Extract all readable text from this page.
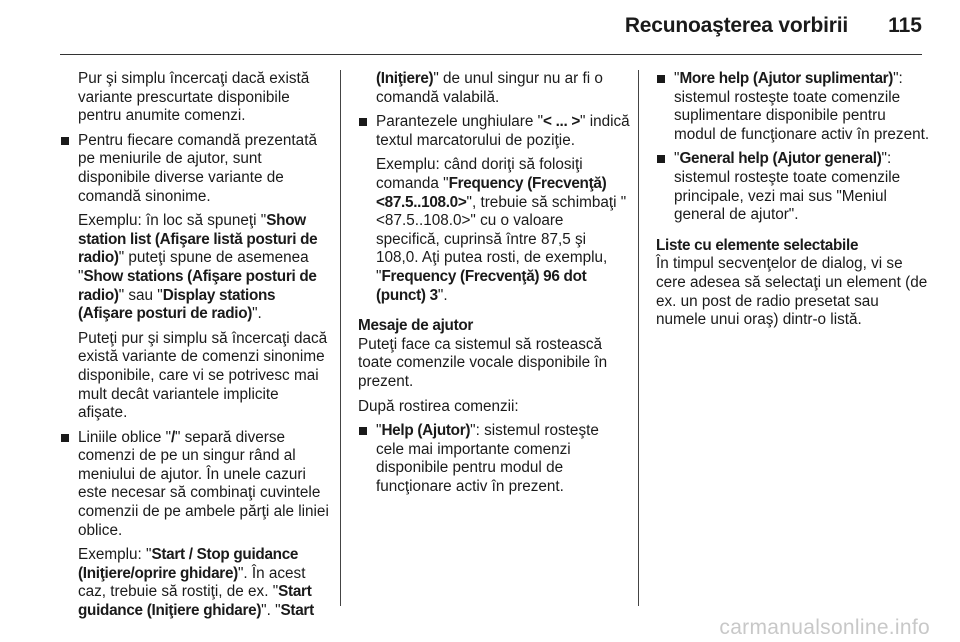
Recunoaşterea vorbirii 115

Pur şi simplu încercaţi dacă există variante prescurtate disponibile pentru anumite comenzi.

Pentru fiecare comandă prezentată pe meniurile de ajutor, sunt disponibile diverse variante de comandă sinonime.

Exemplu: în loc să spuneţi "Show station list (Afişare listă posturi de radio)" puteţi spune de asemenea "Show stations (Afişare posturi de radio)" sau "Display stations (Afişare posturi de radio)".

Puteţi pur şi simplu să încercaţi dacă există variante de comenzi sinonime disponibile, care vi se potrivesc mai mult decât variantele implicite afişate.

Liniile oblice "/" separă diverse comenzi de pe un singur rând al meniului de ajutor. În unele cazuri este necesar să combinaţi cuvintele comenzii de pe ambele părţi ale liniei oblice.

Exemplu: "Start / Stop guidance (Iniţiere/oprire ghidare)". În acest caz, trebuie să rostiţi, de ex. "Start guidance (Iniţiere ghidare)". "Start

(Iniţiere)" de unul singur nu ar fi o comandă valabilă.

Parantezele unghiulare "< ... >" indică textul marcatorului de poziţie.

Exemplu: când doriţi să folosiţi comanda "Frequency (Frecvenţă) <87.5..108.0>", trebuie să schimbaţi "<87.5..108.0>" cu o valoare specifică, cuprinsă între 87,5 şi 108,0. Aţi putea rosti, de exemplu, "Frequency (Frecvenţă) 96 dot (punct) 3".

Mesaje de ajutor

Puteţi face ca sistemul să rostească toate comenzile vocale disponibile în prezent.

După rostirea comenzii:

"Help (Ajutor)": sistemul rosteşte cele mai importante comenzi disponibile pentru modul de funcţionare activ în prezent.

"More help (Ajutor suplimentar)": sistemul rosteşte toate comenzile suplimentare disponibile pentru modul de funcţionare activ în prezent.

"General help (Ajutor general)": sistemul rosteşte toate comenzile principale, vezi mai sus "Meniul general de ajutor".

Liste cu elemente selectabile

În timpul secvenţelor de dialog, vi se cere adesea să selectaţi un element (de ex. un post de radio presetat sau numele unui oraş) dintr-o listă.

carmanualsonline.info
